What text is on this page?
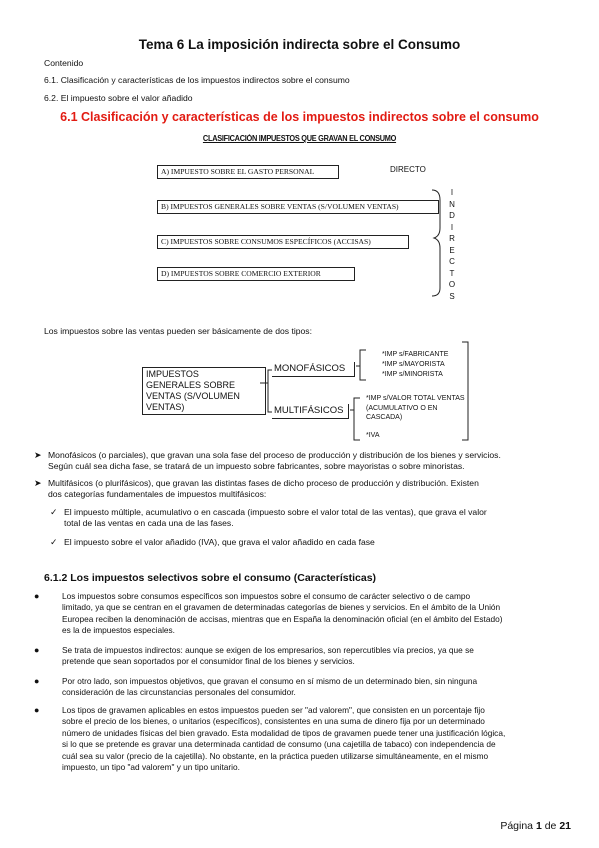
Tema 6 La imposición indirecta sobre el Consumo
Contenido
6.1. Clasificación y características de los impuestos indirectos sobre el consumo
6.2. El impuesto sobre el valor añadido
6.1 Clasificación y características de los impuestos indirectos sobre el consumo
CLASIFICACIÓN IMPUESTOS QUE GRAVAN EL CONSUMO
A) IMPUESTO SOBRE EL GASTO PERSONAL	DIRECTO
B) IMPUESTOS GENERALES SOBRE VENTAS (S/VOLUMEN VENTAS)
C) IMPUESTOS SOBRE CONSUMOS ESPECÍFICOS (ACCISAS)
D) IMPUESTOS SOBRE COMERCIO EXTERIOR
I
N
D
I
R
E
C
T
O
S
Los impuestos sobre las ventas pueden ser básicamente de dos tipos:
IMPUESTOS
GENERALES SOBRE
VENTAS (S/VOLUMEN
VENTAS)
MONOFÁSICOS
MULTIFÁSICOS
*IMP s/FABRICANTE
*IMP s/MAYORISTA
*IMP s/MINORISTA
*IMP s/VALOR TOTAL VENTAS
(ACUMULATIVO O EN
CASCADA)
*IVA
➤ Monofásicos (o parciales), que gravan una sola fase del proceso de producción y distribución de los bienes y servicios.
Según cuál sea dicha fase, se tratará de un impuesto sobre fabricantes, sobre mayoristas o sobre minoristas.
➤ Multifásicos (o plurifásicos), que gravan las distintas fases de dicho proceso de producción y distribución. Existen
dos categorías fundamentales de impuestos multifásicos:
✓ El impuesto múltiple, acumulativo o en cascada (impuesto sobre el valor total de las ventas), que grava el valor
total de las ventas en cada una de las fases.
✓ El impuesto sobre el valor añadido (IVA), que grava el valor añadido en cada fase
6.1.2 Los impuestos selectivos sobre el consumo (Características)
●	Los impuestos sobre consumos específicos son impuestos sobre el consumo de carácter selectivo o de campo
limitado, ya que se centran en el gravamen de determinadas categorías de bienes y servicios. En el ámbito de la Unión
Europea reciben la denominación de accisas, mientras que en España la denominación oficial (en el ámbito del Estado)
es la de impuestos especiales.
●	Se trata de impuestos indirectos: aunque se exigen de los empresarios, son repercutibles vía precios, ya que se
pretende que sean soportados por el consumidor final de los bienes y servicios.
●	Por otro lado, son impuestos objetivos, que gravan el consumo en sí mismo de un determinado bien, sin ninguna
consideración de las circunstancias personales del consumidor.
●	Los tipos de gravamen aplicables en estos impuestos pueden ser "ad valorem", que consisten en un porcentaje fijo
sobre el precio de los bienes, o unitarios (específicos), consistentes en una suma de dinero fija por un determinado
número de unidades físicas del bien gravado. Esta modalidad de tipos de gravamen puede tener una justificación lógica,
si lo que se pretende es gravar una determinada cantidad de consumo (una cajetilla de tabaco) con independencia de
cuál sea su valor (precio de la cajetilla). No obstante, en la práctica pueden utilizarse simultáneamente, en el mismo
impuesto, un tipo "ad valorem" y un tipo unitario.
Página 1 de 21
